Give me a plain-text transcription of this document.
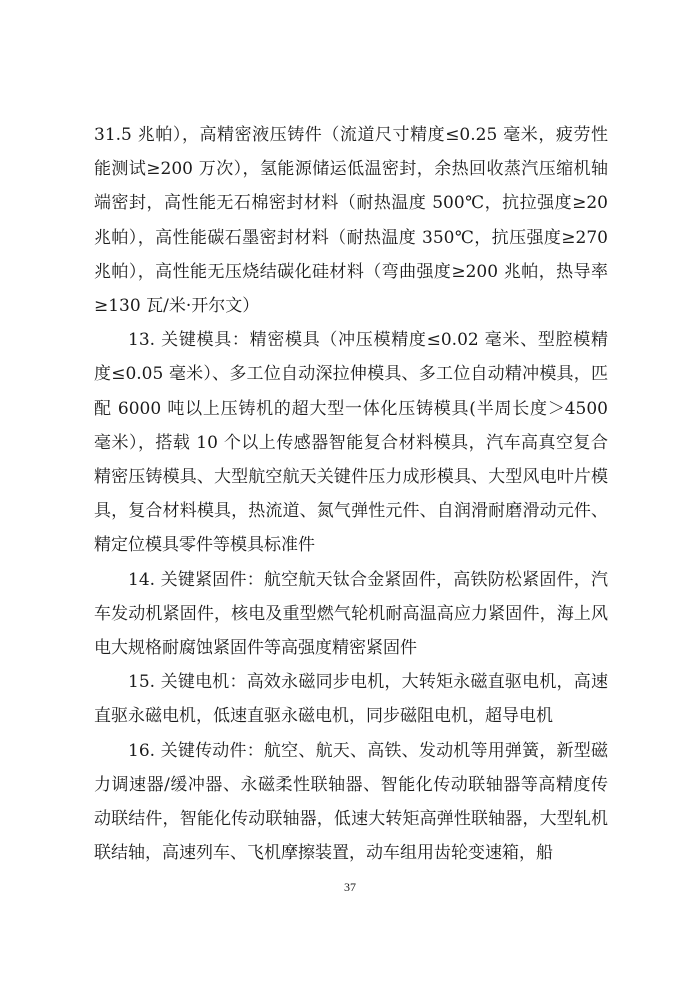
31.5 兆帕），高精密液压铸件（流道尺寸精度≤0.25 毫米，疲劳性能测试≥200 万次），氢能源储运低温密封，余热回收蒸汽压缩机轴端密封，高性能无石棉密封材料（耐热温度 500℃，抗拉强度≥20 兆帕），高性能碳石墨密封材料（耐热温度 350℃，抗压强度≥270 兆帕），高性能无压烧结碳化硅材料（弯曲强度≥200 兆帕，热导率≥130 瓦/米·开尔文）

13. 关键模具：精密模具（冲压模精度≤0.02 毫米、型腔模精度≤0.05 毫米）、多工位自动深拉伸模具、多工位自动精冲模具，匹配 6000 吨以上压铸机的超大型一体化压铸模具(半周长度＞4500 毫米），搭载 10 个以上传感器智能复合材料模具，汽车高真空复合精密压铸模具、大型航空航天关键件压力成形模具、大型风电叶片模具，复合材料模具，热流道、氮气弹性元件、自润滑耐磨滑动元件、精定位模具零件等模具标准件

14. 关键紧固件：航空航天钛合金紧固件，高铁防松紧固件，汽车发动机紧固件，核电及重型燃气轮机耐高温高应力紧固件，海上风电大规格耐腐蚀紧固件等高强度精密紧固件

15. 关键电机：高效永磁同步电机，大转矩永磁直驱电机，高速直驱永磁电机，低速直驱永磁电机，同步磁阻电机，超导电机

16. 关键传动件：航空、航天、高铁、发动机等用弹簧，新型磁力调速器/缓冲器、永磁柔性联轴器、智能化传动联轴器等高精度传动联结件，智能化传动联轴器，低速大转矩高弹性联轴器，大型轧机联结轴，高速列车、飞机摩擦装置，动车组用齿轮变速箱，船

37
